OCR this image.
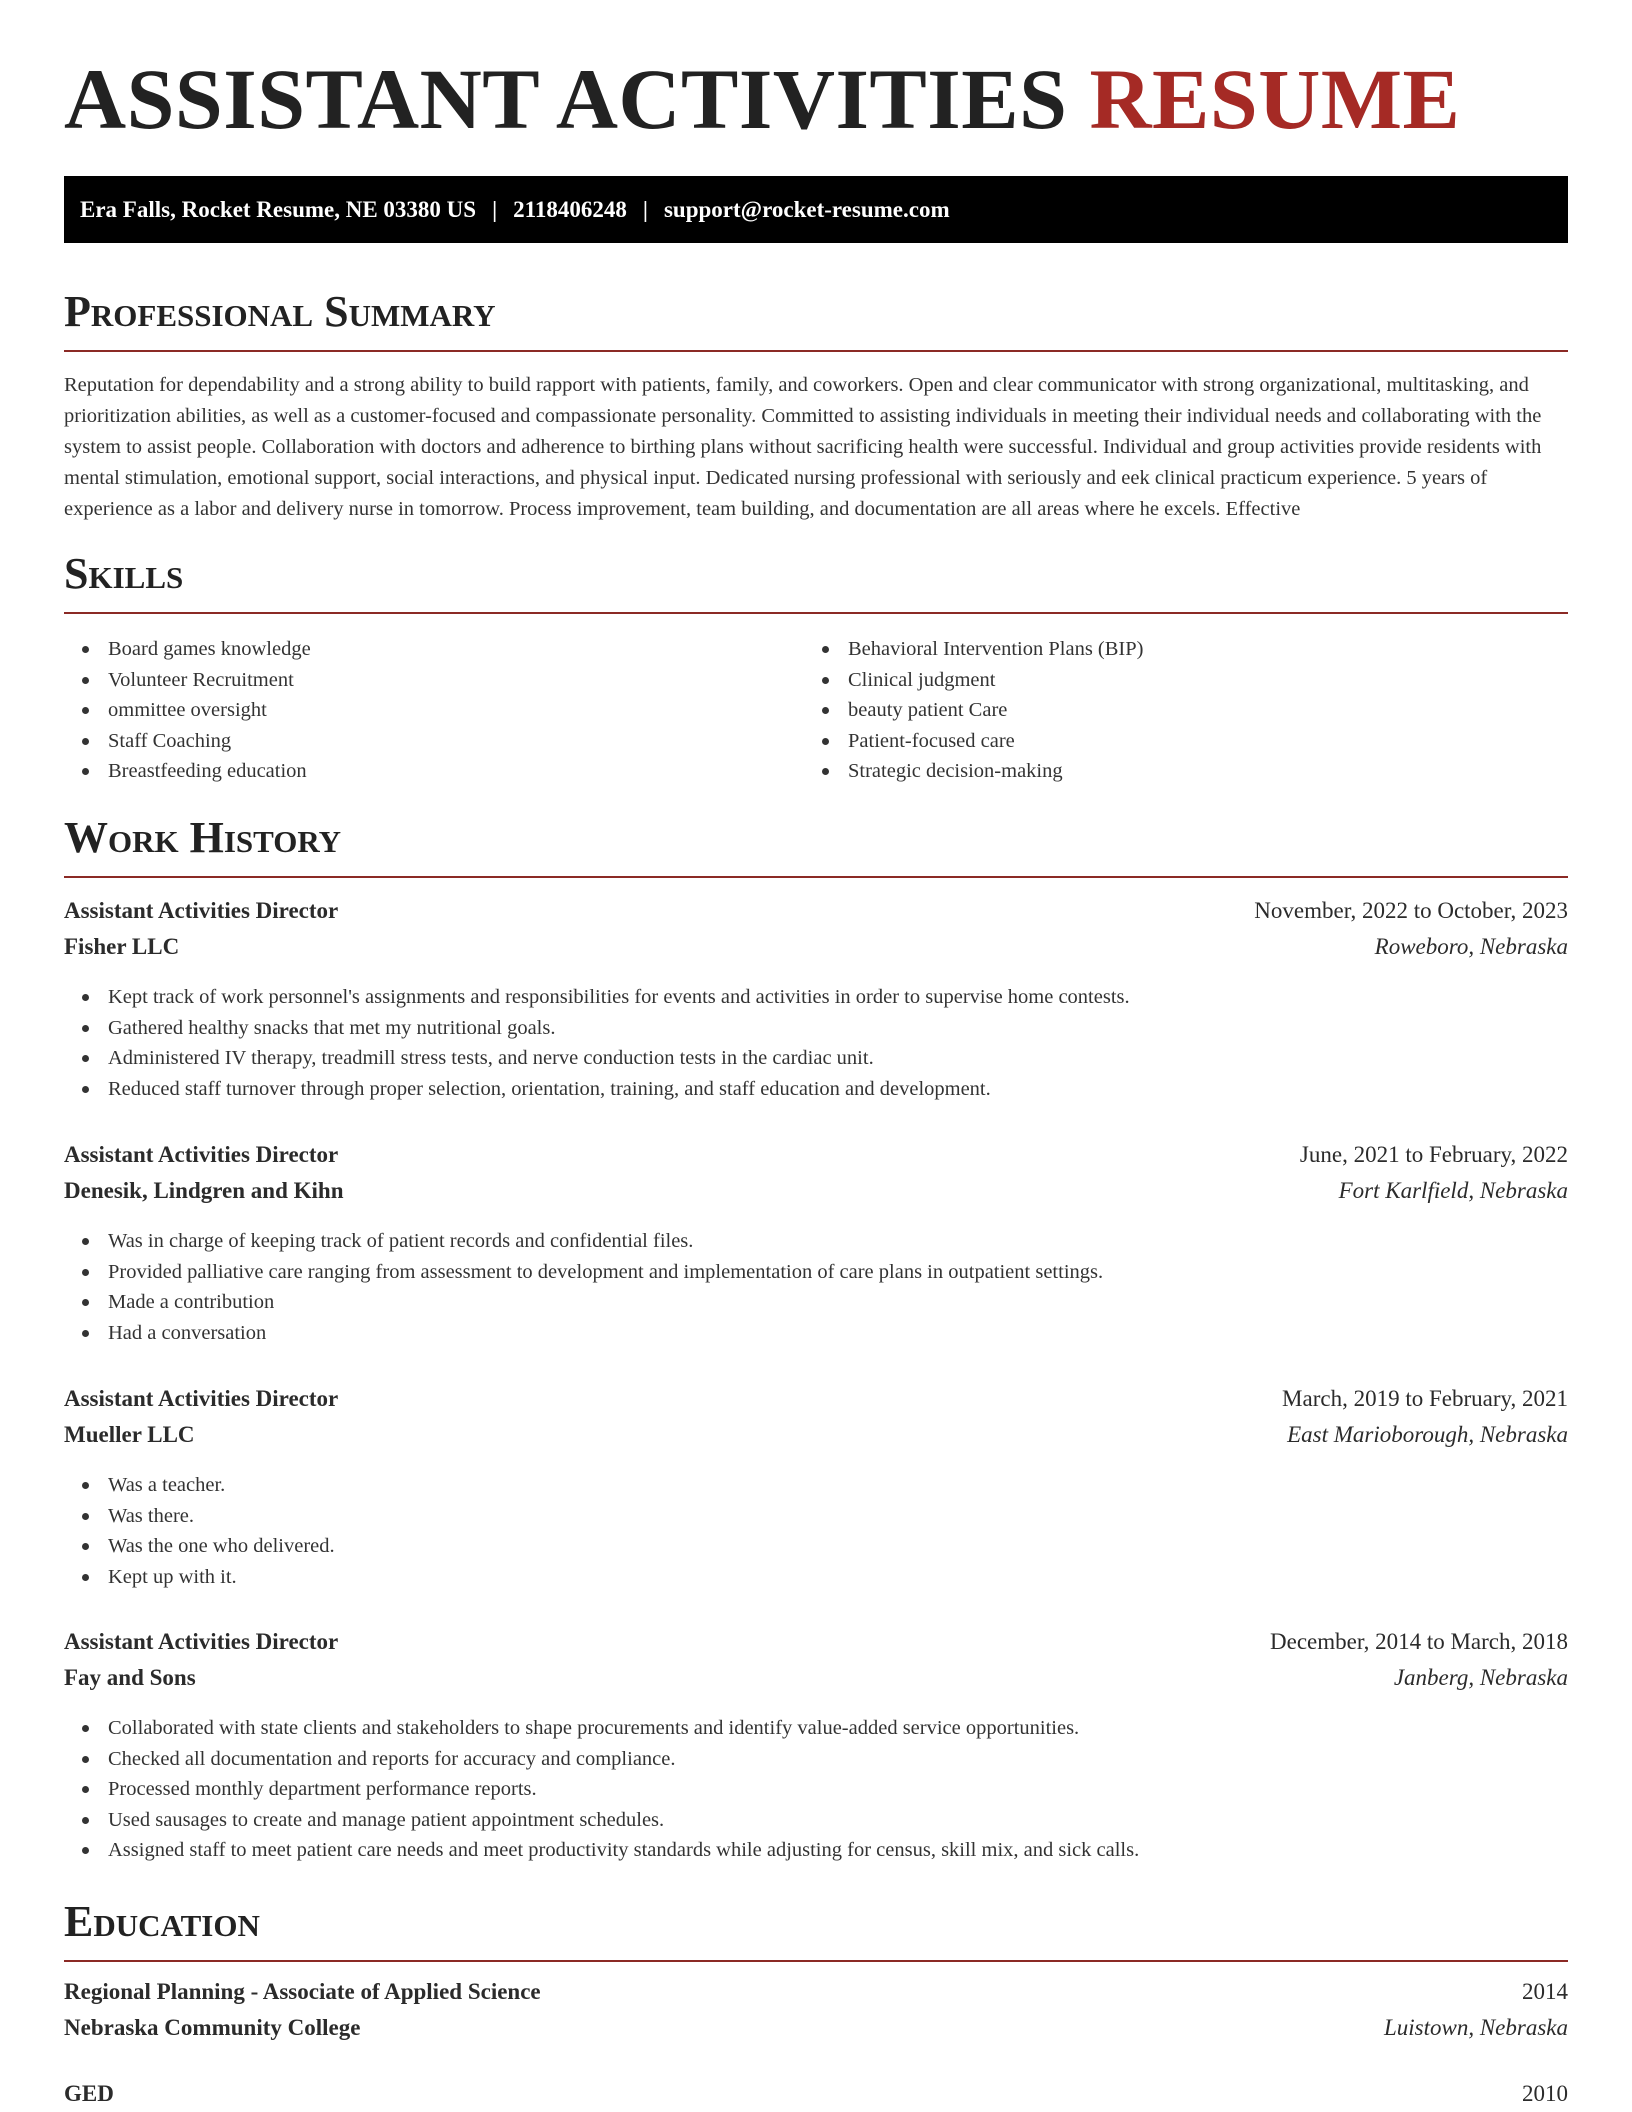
ASSISTANT ACTIVITIES RESUME
Era Falls, Rocket Resume, NE 03380 US | 2118406248 | support@rocket-resume.com
Professional Summary

Reputation for dependability and a strong ability to build rapport with patients, family, and coworkers. Open and clear communicator with strong organizational, multitasking, and prioritization abilities, as well as a customer-focused and compassionate personality. Committed to assisting individuals in meeting their individual needs and collaborating with the system to assist people. Collaboration with doctors and adherence to birthing plans without sacrificing health were successful. Individual and group activities provide residents with mental stimulation, emotional support, social interactions, and physical input. Dedicated nursing professional with seriously and eek clinical practicum experience. 5 years of experience as a labor and delivery nurse in tomorrow. Process improvement, team building, and documentation are all areas where he excels. Effective

Skills
Board games knowledge
Volunteer Recruitment
ommittee oversight
Staff Coaching
Breastfeeding education
Behavioral Intervention Plans (BIP)
Clinical judgment
beauty patient Care
Patient-focused care
Strategic decision-making
Work History
Assistant Activities Director	November, 2022 to October, 2023
Fisher LLC	Roweboro, Nebraska
Kept track of work personnel's assignments and responsibilities for events and activities in order to supervise home contests.
Gathered healthy snacks that met my nutritional goals.
Administered IV therapy, treadmill stress tests, and nerve conduction tests in the cardiac unit.
Reduced staff turnover through proper selection, orientation, training, and staff education and development.
Assistant Activities Director	June, 2021 to February, 2022
Denesik, Lindgren and Kihn	Fort Karlfield, Nebraska
Was in charge of keeping track of patient records and confidential files.
Provided palliative care ranging from assessment to development and implementation of care plans in outpatient settings.
Made a contribution
Had a conversation
Assistant Activities Director	March, 2019 to February, 2021
Mueller LLC	East Marioborough, Nebraska
Was a teacher.
Was there.
Was the one who delivered.
Kept up with it.
Assistant Activities Director	December, 2014 to March, 2018
Fay and Sons	Janberg, Nebraska
Collaborated with state clients and stakeholders to shape procurements and identify value-added service opportunities.
Checked all documentation and reports for accuracy and compliance.
Processed monthly department performance reports.
Used sausages to create and manage patient appointment schedules.
Assigned staff to meet patient care needs and meet productivity standards while adjusting for census, skill mix, and sick calls.
Education
Regional Planning - Associate of Applied Science	2014
Nebraska Community College	Luistown, Nebraska
GED	2010
